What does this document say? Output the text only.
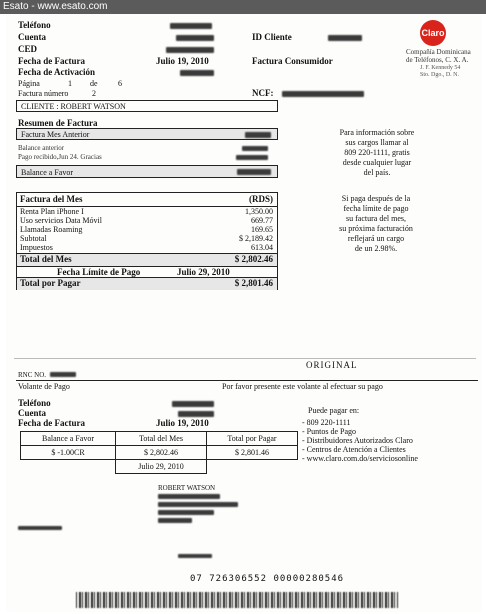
Esato - www.esato.com
Teléfono
Cuenta
CED
Fecha de Factura	Julio 19, 2010
Fecha de Activación
Página	1 de	6
Factura número	2
ID Cliente
Factura Consumidor
NCF:
Claro
Compañía Dominicana
de Teléfonos, C. X. A.
J. F. Kennedy 54
Sto. Dgo., D. N.
CLIENTE : ROBERT WATSON
Resumen de Factura
Factura Mes Anterior
Balance anterior
Pago recibido,Jun 24. Gracias
Balance a Favor
Para información sobre
sus cargos llamar al
809 220-1111, gratis
desde cualquier lugar
del país.
Factura del Mes	(RDS)
Renta Plan iPhone I	1,350.00
Uso servicios Data Móvil	669.77
Llamadas Roaming	169.65
Subtotal	$ 2,189.42
Impuestos	613.04
Total del Mes	$ 2,802.46
Fecha Límite de Pago	Julio 29, 2010
Total por Pagar	$ 2,801.46
Si paga después de la
fecha límite de pago
su factura del mes,
su próxima facturación
reflejará un cargo
de un 2.98%.
ORIGINAL
RNC NO.
Volante de Pago	Por favor presente este volante al efectuar su pago
Teléfono
Cuenta
Fecha de Factura	Julio 19, 2010
Balance a Favor	Total del Mes	Total por Pagar
$ -1.00CR	$ 2,802.46	$ 2,801.46
	Julio 29, 2010	
Puede pagar en:
- 809 220-1111
- Puntos de Pago
- Distribuidores Autorizados Claro
- Centros de Atención a Clientes
- www.claro.com.do/serviciosonline
ROBERT WATSON
07 726306552 00000280546
